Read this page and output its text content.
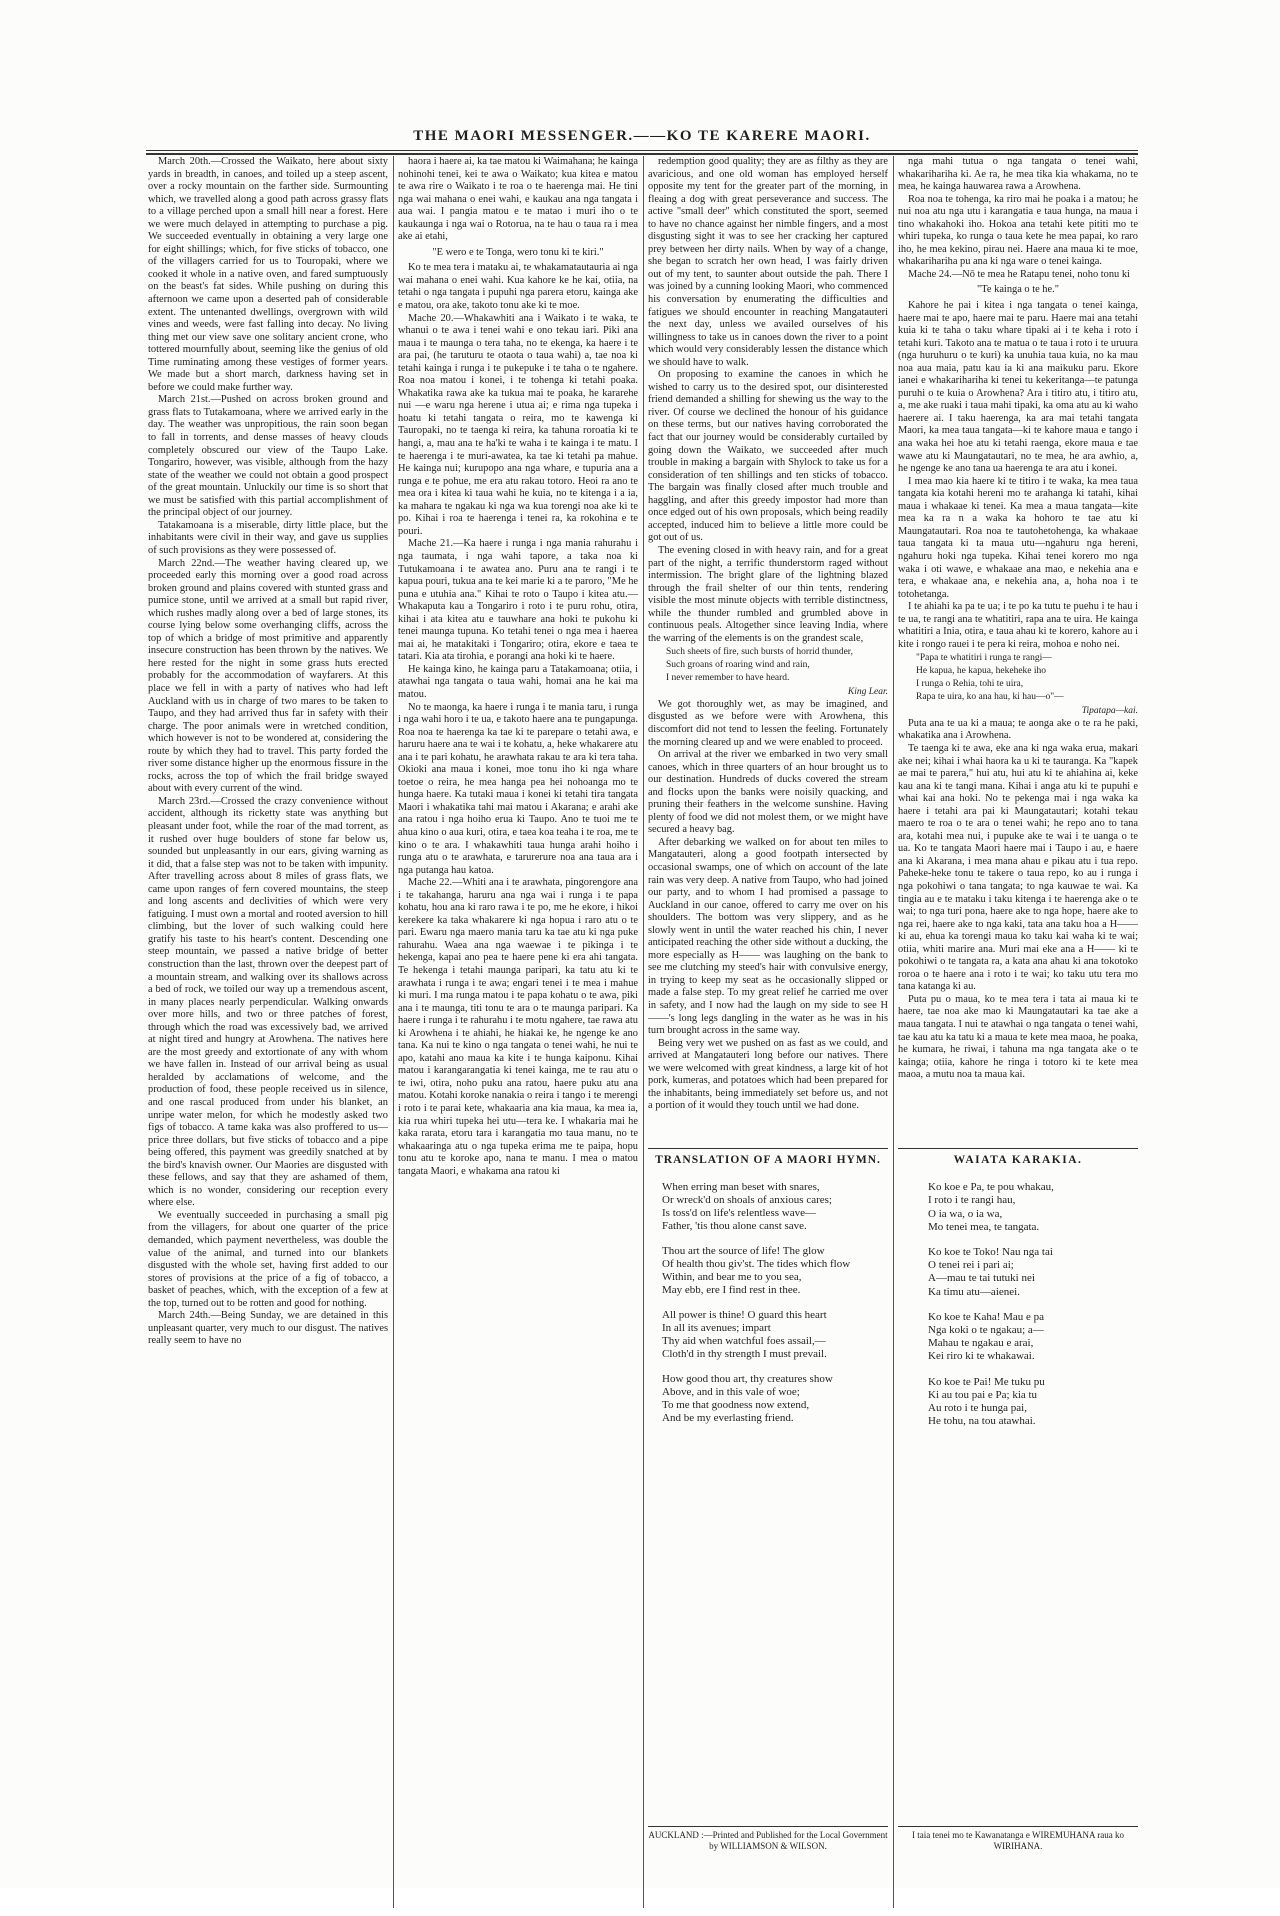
THE MAORI MESSENGER.——KO TE KARERE MAORI.

March 20th.—Crossed the Waikato, here about sixty yards in breadth, in canoes, and toiled up a steep ascent, over a rocky mountain on the farther side. Surmounting which, we travelled along a good path across grassy flats to a village perched upon a small hill near a forest. Here we were much delayed in attempting to purchase a pig. We succeeded eventually in obtaining a very large one for eight shillings; which, for five sticks of tobacco, one of the villagers carried for us to Touropaki, where we cooked it whole in a native oven, and fared sumptuously on the beast's fat sides. While pushing on during this afternoon we came upon a deserted pah of considerable extent. The untenanted dwellings, overgrown with wild vines and weeds, were fast falling into decay. No living thing met our view save one solitary ancient crone, who tottered mournfully about, seeming like the genius of old Time ruminating among these vestiges of former years. We made but a short march, darkness having set in before we could make further way.

March 21st.—Pushed on across broken ground and grass flats to Tutakamoana, where we arrived early in the day. The weather was unpropitious, the rain soon began to fall in torrents, and dense masses of heavy clouds completely obscured our view of the Taupo Lake. Tongariro, however, was visible, although from the hazy state of the weather we could not obtain a good prospect of the great mountain. Unluckily our time is so short that we must be satisfied with this partial accomplishment of the principal object of our journey.

Tatakamoana is a miserable, dirty little place, but the inhabitants were civil in their way, and gave us supplies of such provisions as they were possessed of.

March 22nd.—The weather having cleared up, we proceeded early this morning over a good road across broken ground and plains covered with stunted grass and pumice stone, until we arrived at a small but rapid river, which rushes madly along over a bed of large stones, its course lying below some overhanging cliffs, across the top of which a bridge of most primitive and apparently insecure construction has been thrown by the natives. We here rested for the night in some grass huts erected probably for the accommodation of wayfarers. At this place we fell in with a party of natives who had left Auckland with us in charge of two mares to be taken to Taupo, and they had arrived thus far in safety with their charge. The poor animals were in wretched condition, which however is not to be wondered at, considering the route by which they had to travel. This party forded the river some distance higher up the enormous fissure in the rocks, across the top of which the frail bridge swayed about with every current of the wind.

March 23rd.—Crossed the crazy convenience without accident, although its ricketty state was anything but pleasant under foot, while the roar of the mad torrent, as it rushed over huge boulders of stone far below us, sounded but unpleasantly in our ears, giving warning as it did, that a false step was not to be taken with impunity. After travelling across about 8 miles of grass flats, we came upon ranges of fern covered mountains, the steep and long ascents and declivities of which were very fatiguing. I must own a mortal and rooted aversion to hill climbing, but the lover of such walking could here gratify his taste to his heart's content. Descending one steep mountain, we passed a native bridge of better construction than the last, thrown over the deepest part of a mountain stream, and walking over its shallows across a bed of rock, we toiled our way up a tremendous ascent, in many places nearly perpendicular. Walking onwards over more hills, and two or three patches of forest, through which the road was excessively bad, we arrived at night tired and hungry at Arowhena. The natives here are the most greedy and extortionate of any with whom we have fallen in. Instead of our arrival being as usual heralded by acclamations of welcome, and the production of food, these people received us in silence, and one rascal produced from under his blanket, an unripe water melon, for which he modestly asked two figs of tobacco. A tame kaka was also proffered to us—price three dollars, but five sticks of tobacco and a pipe being offered, this payment was greedily snatched at by the bird's knavish owner. Our Maories are disgusted with these fellows, and say that they are ashamed of them, which is no wonder, considering our reception every where else.

We eventually succeeded in purchasing a small pig from the villagers, for about one quarter of the price demanded, which payment nevertheless, was double the value of the animal, and turned into our blankets disgusted with the whole set, having first added to our stores of provisions at the price of a fig of tobacco, a basket of peaches, which, with the exception of a few at the top, turned out to be rotten and good for nothing.

March 24th.—Being Sunday, we are detained in this unpleasant quarter, very much to our disgust. The natives really seem to have no

haora i haere ai, ka tae matou ki Waimahana; he kainga nohinohi tenei, kei te awa o Waikato; kua kitea e matou te awa rire o Waikato i te roa o te haerenga mai. He tini nga wai mahana o enei wahi, e kaukau ana nga tangata i aua wai. I pangia matou e te matao i muri iho o te kaukaunga i nga wai o Rotorua, na te hau o taua ra i mea ake ai etahi,

"E wero e te Tonga, wero tonu ki te kiri."

Ko te mea tera i mataku ai, te whakamatautauria ai nga wai mahana o enei wahi. Kua kahore ke he kai, otiia, na tetahi o nga tangata i pupuhi nga parera etoru, kainga ake e matou, ora ake, takoto tonu ake ki te moe.

Mache 20.—Whakawhiti ana i Waikato i te waka, te whanui o te awa i tenei wahi e ono tekau iari. Piki ana maua i te maunga o tera taha, no te ekenga, ka haere i te ara pai, (he taruturu te otaota o taua wahi) a, tae noa ki tetahi kainga i runga i te pukepuke i te taha o te ngahere. Roa noa matou i konei, i te tohenga ki tetahi poaka. Whakatika rawa ake ka tukua mai te poaka, he kararehe nui —e waru nga herene i utua ai; e rima nga tupeka i hoatu ki tetahi tangata o reira, mo te kawenga ki Tauropaki, no te taenga ki reira, ka tahuna roroatia ki te hangi, a, mau ana te ha'ki te waha i te kainga i te matu. I te haerenga i te muri-awatea, ka tae ki tetahi pa mahue. He kainga nui; kurupopo ana nga whare, e tupuria ana a runga e te pohue, me era atu rakau totoro. Heoi ra ano te mea ora i kitea ki taua wahi he kuia, no te kitenga i a ia, ka mahara te ngakau ki nga wa kua torengi noa ake ki te po. Kihai i roa te haerenga i tenei ra, ka rokohina e te pouri.

Mache 21.—Ka haere i runga i nga mania rahurahu i nga taumata, i nga wahi tapore, a taka noa ki Tutukamoana i te awatea ano. Puru ana te rangi i te kapua pouri, tukua ana te kei marie ki a te paroro, "Me he puna e utuhia ana." Kihai te roto o Taupo i kitea atu.—Whakaputa kau a Tongariro i roto i te puru rohu, otira, kihai i ata kitea atu e tauwhare ana hoki te pukohu ki tenei maunga tupuna. Ko tetahi tenei o nga mea i haerea mai ai, he matakitaki i Tongariro; otira, ekore e taea te tatari. Kia ata tirohia, e porangi ana hoki ki te haere.

He kainga kino, he kainga paru a Tatakamoana; otiia, i atawhai nga tangata o taua wahi, homai ana he kai ma matou.

No te maonga, ka haere i runga i te mania taru, i runga i nga wahi horo i te ua, e takoto haere ana te pungapunga. Roa noa te haerenga ka tae ki te parepare o tetahi awa, e haruru haere ana te wai i te kohatu, a, heke whakarere atu ana i te pari kohatu, he arawhata rakau te ara ki tera taha. Okioki ana maua i konei, moe tonu iho ki nga whare toetoe o reira, he mea hanga pea hei nohoanga mo te hunga haere. Ka tutaki maua i konei ki tetahi tira tangata Maori i whakatika tahi mai matou i Akarana; e arahi ake ana ratou i nga hoiho erua ki Taupo. Ano te tuoi me te ahua kino o aua kuri, otira, e taea koa teaha i te roa, me te kino o te ara. I whakawhiti taua hunga arahi hoiho i runga atu o te arawhata, e tarurerure noa ana taua ara i nga putanga hau katoa.

Mache 22.—Whiti ana i te arawhata, pingorengore ana i te takahanga, haruru ana nga wai i runga i te papa kohatu, hou ana ki raro rawa i te po, me he ekore, i hikoi kerekere ka taka whakarere ki nga hopua i raro atu o te pari. Ewaru nga maero mania taru ka tae atu ki nga puke rahurahu. Waea ana nga waewae i te pikinga i te hekenga, kapai ano pea te haere pene ki era ahi tangata. Te hekenga i tetahi maunga paripari, ka tatu atu ki te arawhata i runga i te awa; engari tenei i te mea i mahue ki muri. I ma runga matou i te papa kohatu o te awa, piki ana i te maunga, titi tonu te ara o te maunga paripari. Ka haere i runga i te rahurahu i te motu ngahere, tae rawa atu ki Arowhena i te ahiahi, he hiakai ke, he ngenge ke ano tana. Ka nui te kino o nga tangata o tenei wahi, he nui te apo, katahi ano maua ka kite i te hunga kaiponu. Kihai matou i karangarangatia ki tenei kainga, me te rau atu o te iwi, otira, noho puku ana ratou, haere puku atu ana matou. Kotahi koroke nanakia o reira i tango i te merengi i roto i te parai kete, whakaaria ana kia maua, ka mea ia, kia rua whiri tupeka hei utu—tera ke. I whakaria mai he kaka rarata, etoru tara i karangatia mo taua manu, no te whakaaringa atu o nga tupeka erima me te paipa, hopu tonu atu te koroke apo, nana te manu. I mea o matou tangata Maori, e whakama ana ratou ki

redemption good quality; they are as filthy as they are avaricious, and one old woman has employed herself opposite my tent for the greater part of the morning, in fleaing a dog with great perseverance and success. The active "small deer" which constituted the sport, seemed to have no chance against her nimble fingers, and a most disgusting sight it was to see her cracking her captured prey between her dirty nails. When by way of a change, she began to scratch her own head, I was fairly driven out of my tent, to saunter about outside the pah. There I was joined by a cunning looking Maori, who commenced his conversation by enumerating the difficulties and fatigues we should encounter in reaching Mangatauteri the next day, unless we availed ourselves of his willingness to take us in canoes down the river to a point which would very considerably lessen the distance which we should have to walk.

On proposing to examine the canoes in which he wished to carry us to the desired spot, our disinterested friend demanded a shilling for shewing us the way to the river. Of course we declined the honour of his guidance on these terms, but our natives having corroborated the fact that our journey would be considerably curtailed by going down the Waikato, we succeeded after much trouble in making a bargain with Shylock to take us for a consideration of ten shillings and ten sticks of tobacco. The bargain was finally closed after much trouble and haggling, and after this greedy impostor had more than once edged out of his own proposals, which being readily accepted, induced him to believe a little more could be got out of us.

The evening closed in with heavy rain, and for a great part of the night, a terrific thunderstorm raged without intermission. The bright glare of the lightning blazed through the frail shelter of our thin tents, rendering visible the most minute objects with terrible distinctness, while the thunder rumbled and grumbled above in continuous peals. Altogether since leaving India, where the warring of the elements is on the grandest scale,

Such sheets of fire, such bursts of horrid thunder,

Such groans of roaring wind and rain,

I never remember to have heard.

King Lear.

We got thoroughly wet, as may be imagined, and disgusted as we before were with Arowhena, this discomfort did not tend to lessen the feeling. Fortunately the morning cleared up and we were enabled to proceed.

On arrival at the river we embarked in two very small canoes, which in three quarters of an hour brought us to our destination. Hundreds of ducks covered the stream and flocks upon the banks were noisily quacking, and pruning their feathers in the welcome sunshine. Having plenty of food we did not molest them, or we might have secured a heavy bag.

After debarking we walked on for about ten miles to Mangatauteri, along a good footpath intersected by occasional swamps, one of which on account of the late rain was very deep. A native from Taupo, who had joined our party, and to whom I had promised a passage to Auckland in our canoe, offered to carry me over on his shoulders. The bottom was very slippery, and as he slowly went in until the water reached his chin, I never anticipated reaching the other side without a ducking, the more especially as H—— was laughing on the bank to see me clutching my steed's hair with convulsive energy, in trying to keep my seat as he occasionally slipped or made a false step. To my great relief he carried me over in safety, and I now had the laugh on my side to see H——'s long legs dangling in the water as he was in his turn brought across in the same way.

Being very wet we pushed on as fast as we could, and arrived at Mangatauteri long before our natives. There we were welcomed with great kindness, a large kit of hot pork, kumeras, and potatoes which had been prepared for the inhabitants, being immediately set before us, and not a portion of it would they touch until we had done.

nga mahi tutua o nga tangata o tenei wahi, whakarihariha ki. Ae ra, he mea tika kia whakama, no te mea, he kainga hauwarea rawa a Arowhena.

Roa noa te tohenga, ka riro mai he poaka i a matou; he nui noa atu nga utu i karangatia e taua hunga, na maua i tino whakahoki iho. Hokoa ana tetahi kete pititi mo te whiri tupeka, ko runga o taua kete he mea papai, ko raro iho, he mea kekino, pirau nei. Haere ana maua ki te moe, whakarihariha pu ana ki nga ware o tenei kainga.

Mache 24.—Nō te mea he Ratapu tenei, noho tonu ki

"Te kainga o te he."

Kahore he pai i kitea i nga tangata o tenei kainga, haere mai te apo, haere mai te paru. Haere mai ana tetahi kuia ki te taha o taku whare tipaki ai i te keha i roto i tetahi kuri. Takoto ana te matua o te taua i roto i te uruura (nga huruhuru o te kuri) ka unuhia taua kuia, no ka mau noa aua maia, patu kau ia ki ana maikuku paru. Ekore ianei e whakarihariha ki tenei tu kekeritanga—te patunga puruhi o te kuia o Arowhena? Ara i titiro atu, i titiro atu, a, me ake ruaki i taua mahi tipaki, ka oma atu au ki waho haerere ai. I taku haerenga, ka ara mai tetahi tangata Maori, ka mea taua tangata—ki te kahore maua e tango i ana waka hei hoe atu ki tetahi raenga, ekore maua e tae wawe atu ki Maungatautari, no te mea, he ara awhio, a, he ngenge ke ano tana ua haerenga te ara atu i konei.

I mea mao kia haere ki te titiro i te waka, ka mea taua tangata kia kotahi hereni mo te arahanga ki tatahi, kihai maua i whakaae ki tenei. Ka mea a maua tangata—kite mea ka ra n a waka ka hohoro te tae atu ki Maungatautari. Roa noa te tautohetohenga, ka whakaae taua tangata ki ta maua utu—ngahuru nga hereni, ngahuru hoki nga tupeka. Kihai tenei korero mo nga waka i oti wawe, e whakaae ana mao, e nekehia ana e tera, e whakaae ana, e nekehia ana, a, hoha noa i te totohetanga.

I te ahiahi ka pa te ua; i te po ka tutu te puehu i te hau i te ua, te rangi ana te whatitiri, rapa ana te uira. He kainga whatitiri a Inia, otira, e taua ahau ki te korero, kahore au i kite i rongo rauei i te pera ki reira, mohoa e noho nei.

"Papa te whatitiri i runga te rangi—

He kapua, he kapua, hekeheke iho

I runga o Rehia, tohi te uira,

Rapa te uira, ko ana hau, ki hau—o"—

Tipatapa—kai.

Puta ana te ua ki a maua; te aonga ake o te ra he paki, whakatika ana i Arowhena.

Te taenga ki te awa, eke ana ki nga waka erua, makari ake nei; kihai i whai haora ka u ki te tauranga. Ka "kapek ae mai te parera," hui atu, hui atu ki te ahiahina ai, keke kau ana ki te tangi mana. Kihai i anga atu ki te pupuhi e whai kai ana hoki. No te pekenga mai i nga waka ka haere i tetahi ara pai ki Maungatautari; kotahi tekau maero te roa o te ara o tenei wahi; he repo ano to tana ara, kotahi mea nui, i pupuke ake te wai i te uanga o te ua. Ko te tangata Maori haere mai i Taupo i au, e haere ana ki Akarana, i mea mana ahau e pikau atu i tua repo. Paheke-heke tonu te takere o taua repo, ko au i runga i nga pokohiwi o tana tangata; to nga kauwae te wai. Ka tingia au e te mataku i taku kitenga i te haerenga ake o te wai; to nga turi pona, haere ake to nga hope, haere ake to nga rei, haere ake to nga kaki, tata ana taku hoa a H—— ki au, ehua ka torengi maua ko taku kai waha ki te wai; otiia, whiti marire ana. Muri mai eke ana a H—— ki te pokohiwi o te tangata ra, a kata ana ahau ki ana tokotoko roroa o te haere ana i roto i te wai; ko taku utu tera mo tana katanga ki au.

Puta pu o maua, ko te mea tera i tata ai maua ki te haere, tae noa ake mao ki Maungatautari ka tae ake a maua tangata. I nui te atawhai o nga tangata o tenei wahi, tae kau atu ka tatu ki a maua te kete mea maoa, he poaka, he kumara, he riwai, i tahuna ma nga tangata ake o te kainga; otiia, kahore he ringa i totoro ki te kete mea maoa, a mutu noa ta maua kai.

TRANSLATION OF A MAORI HYMN.
When erring man beset with snares,
Or wreck'd on shoals of anxious cares;
Is toss'd on life's relentless wave—
Father, 'tis thou alone canst save.
Thou art the source of life! The glow
Of health thou giv'st. The tides which flow
Within, and bear me to you sea,
May ebb, ere I find rest in thee.
All power is thine! O guard this heart
In all its avenues; impart
Thy aid when watchful foes assail,—
Cloth'd in thy strength I must prevail.
How good thou art, thy creatures show
Above, and in this vale of woe;
To me that goodness now extend,
And be my everlasting friend.
WAIATA KARAKIA.
Ko koe e Pa, te pou whakau,
I roto i te rangi hau,
O ia wa, o ia wa,
Mo tenei mea, te tangata.
Ko koe te Toko! Nau nga tai
O tenei rei i pari ai;
A—mau te tai tutuki nei
Ka timu atu—aienei.
Ko koe te Kaha! Mau e pa
Nga koki o te ngakau; a—
Mahau te ngakau e arai,
Kei riro ki te whakawai.
Ko koe te Pai! Me tuku pu
Ki au tou pai e Pa; kia tu
Au roto i te hunga pai,
He tohu, na tou atawhai.
AUCKLAND :—Printed and Published for the Local Government by WILLIAMSON & WILSON.
I taia tenei mo te Kawanatanga e WIREMUHANA raua ko WIRIHANA.
